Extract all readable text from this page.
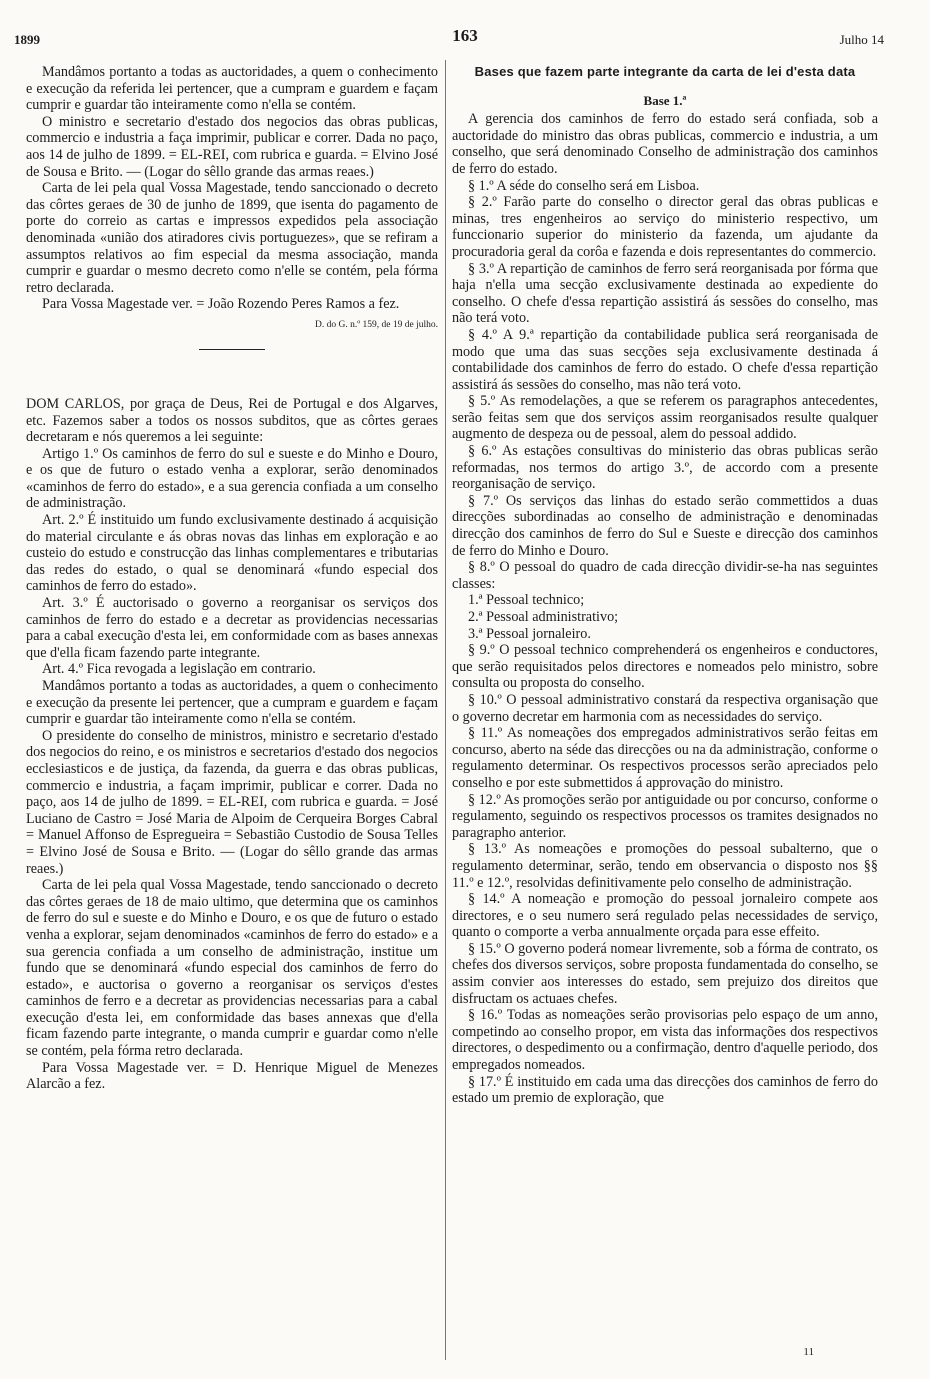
1899	163	Julho 14

Mandâmos portanto a todas as auctoridades, a quem o conhecimento e execução da referida lei pertencer, que a cumpram e guardem e façam cumprir e guardar tão inteiramente como n'ella se contém.

O ministro e secretario d'estado dos negocios das obras publicas, commercio e industria a faça imprimir, publicar e correr. Dada no paço, aos 14 de julho de 1899. = EL-REI, com rubrica e guarda. = Elvino José de Sousa e Brito. — (Logar do sêllo grande das armas reaes.)

Carta de lei pela qual Vossa Magestade, tendo sanccionado o decreto das côrtes geraes de 30 de junho de 1899, que isenta do pagamento de porte do correio as cartas e impressos expedidos pela associação denominada «união dos atiradores civis portuguezes», que se refiram a assumptos relativos ao fim especial da mesma associação, manda cumprir e guardar o mesmo decreto como n'elle se contém, pela fórma retro declarada.

Para Vossa Magestade ver. = João Rozendo Peres Ramos a fez.
D. do G. n.º 159, de 19 de julho.

DOM CARLOS, por graça de Deus, Rei de Portugal e dos Algarves, etc. Fazemos saber a todos os nossos subditos, que as côrtes geraes decretaram e nós queremos a lei seguinte:

Artigo 1.º Os caminhos de ferro do sul e sueste e do Minho e Douro, e os que de futuro o estado venha a explorar, serão denominados «caminhos de ferro do estado», e a sua gerencia confiada a um conselho de administração.

Art. 2.º É instituido um fundo exclusivamente destinado á acquisição do material circulante e ás obras novas das linhas em exploração e ao custeio do estudo e construcção das linhas complementares e tributarias das redes do estado, o qual se denominará «fundo especial dos caminhos de ferro do estado».

Art. 3.º É auctorisado o governo a reorganisar os serviços dos caminhos de ferro do estado e a decretar as providencias necessarias para a cabal execução d'esta lei, em conformidade com as bases annexas que d'ella ficam fazendo parte integrante.

Art. 4.º Fica revogada a legislação em contrario.

Mandâmos portanto a todas as auctoridades, a quem o conhecimento e execução da presente lei pertencer, que a cumpram e guardem e façam cumprir e guardar tão inteiramente como n'ella se contém.

O presidente do conselho de ministros, ministro e secretario d'estado dos negocios do reino, e os ministros e secretarios d'estado dos negocios ecclesiasticos e de justiça, da fazenda, da guerra e das obras publicas, commercio e industria, a façam imprimir, publicar e correr. Dada no paço, aos 14 de julho de 1899. = EL-REI, com rubrica e guarda. = José Luciano de Castro = José Maria de Alpoim de Cerqueira Borges Cabral = Manuel Affonso de Espregueira = Sebastião Custodio de Sousa Telles = Elvino José de Sousa e Brito. — (Logar do sêllo grande das armas reaes.)

Carta de lei pela qual Vossa Magestade, tendo sanccionado o decreto das côrtes geraes de 18 de maio ultimo, que determina que os caminhos de ferro do sul e sueste e do Minho e Douro, e os que de futuro o estado venha a explorar, sejam denominados «caminhos de ferro do estado» e a sua gerencia confiada a um conselho de administração, institue um fundo que se denominará «fundo especial dos caminhos de ferro do estado», e auctorisa o governo a reorganisar os serviços d'estes caminhos de ferro e a decretar as providencias necessarias para a cabal execução d'esta lei, em conformidade das bases annexas que d'ella ficam fazendo parte integrante, o manda cumprir e guardar como n'elle se contém, pela fórma retro declarada.

Para Vossa Magestade ver. = D. Henrique Miguel de Menezes Alarcão a fez.

Bases que fazem parte integrante da carta de lei d'esta data
Base 1.ª

A gerencia dos caminhos de ferro do estado será confiada, sob a auctoridade do ministro das obras publicas, commercio e industria, a um conselho, que será denominado Conselho de administração dos caminhos de ferro do estado.

§ 1.º A séde do conselho será em Lisboa.

§ 2.º Farão parte do conselho o director geral das obras publicas e minas, tres engenheiros ao serviço do ministerio respectivo, um funccionario superior do ministerio da fazenda, um ajudante da procuradoria geral da corôa e fazenda e dois representantes do commercio.

§ 3.º A repartição de caminhos de ferro será reorganisada por fórma que haja n'ella uma secção exclusivamente destinada ao expediente do conselho. O chefe d'essa repartição assistirá ás sessões do conselho, mas não terá voto.

§ 4.º A 9.ª repartição da contabilidade publica será reorganisada de modo que uma das suas secções seja exclusivamente destinada á contabilidade dos caminhos de ferro do estado. O chefe d'essa repartição assistirá ás sessões do conselho, mas não terá voto.

§ 5.º As remodelações, a que se referem os paragraphos antecedentes, serão feitas sem que dos serviços assim reorganisados resulte qualquer augmento de despeza ou de pessoal, alem do pessoal addido.

§ 6.º As estações consultivas do ministerio das obras publicas serão reformadas, nos termos do artigo 3.º, de accordo com a presente reorganisação de serviço.

§ 7.º Os serviços das linhas do estado serão commettidos a duas direcções subordinadas ao conselho de administração e denominadas direcção dos caminhos de ferro do Sul e Sueste e direcção dos caminhos de ferro do Minho e Douro.

§ 8.º O pessoal do quadro de cada direcção dividir-se-ha nas seguintes classes:

1.ª Pessoal technico;

2.ª Pessoal administrativo;

3.ª Pessoal jornaleiro.

§ 9.º O pessoal technico comprehenderá os engenheiros e conductores, que serão requisitados pelos directores e nomeados pelo ministro, sobre consulta ou proposta do conselho.

§ 10.º O pessoal administrativo constará da respectiva organisação que o governo decretar em harmonia com as necessidades do serviço.

§ 11.º As nomeações dos empregados administrativos serão feitas em concurso, aberto na séde das direcções ou na da administração, conforme o regulamento determinar. Os respectivos processos serão apreciados pelo conselho e por este submettidos á approvação do ministro.

§ 12.º As promoções serão por antiguidade ou por concurso, conforme o regulamento, seguindo os respectivos processos os tramites designados no paragrapho anterior.

§ 13.º As nomeações e promoções do pessoal subalterno, que o regulamento determinar, serão, tendo em observancia o disposto nos §§ 11.º e 12.º, resolvidas definitivamente pelo conselho de administração.

§ 14.º A nomeação e promoção do pessoal jornaleiro compete aos directores, e o seu numero será regulado pelas necessidades de serviço, quanto o comporte a verba annualmente orçada para esse effeito.

§ 15.º O governo poderá nomear livremente, sob a fórma de contrato, os chefes dos diversos serviços, sobre proposta fundamentada do conselho, se assim convier aos interesses do estado, sem prejuizo dos direitos que disfructam os actuaes chefes.

§ 16.º Todas as nomeações serão provisorias pelo espaço de um anno, competindo ao conselho propor, em vista das informações dos respectivos directores, o despedimento ou a confirmação, dentro d'aquelle periodo, dos empregados nomeados.

§ 17.º É instituido em cada uma das direcções dos caminhos de ferro do estado um premio de exploração, que

11
